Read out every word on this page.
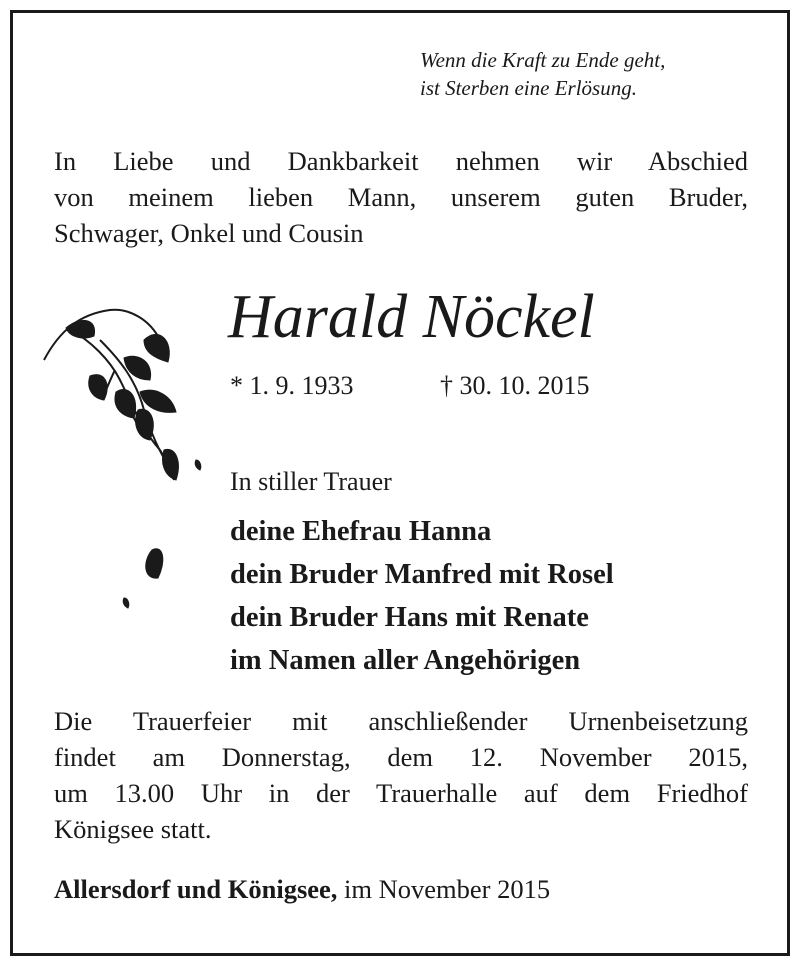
Wenn die Kraft zu Ende geht,
ist Sterben eine Erlösung.
In Liebe und Dankbarkeit nehmen wir Abschied
von meinem lieben Mann, unserem guten Bruder,
Schwager, Onkel und Cousin
Harald Nöckel
* 1. 9. 1933	† 30. 10. 2015
In stiller Trauer
deine Ehefrau Hanna
dein Bruder Manfred mit Rosel
dein Bruder Hans mit Renate
im Namen aller Angehörigen
Die Trauerfeier mit anschließender Urnenbeisetzung
findet am Donnerstag, dem 12. November 2015,
um 13.00 Uhr in der Trauerhalle auf dem Friedhof
Königsee statt.
Allersdorf und Königsee, im November 2015
